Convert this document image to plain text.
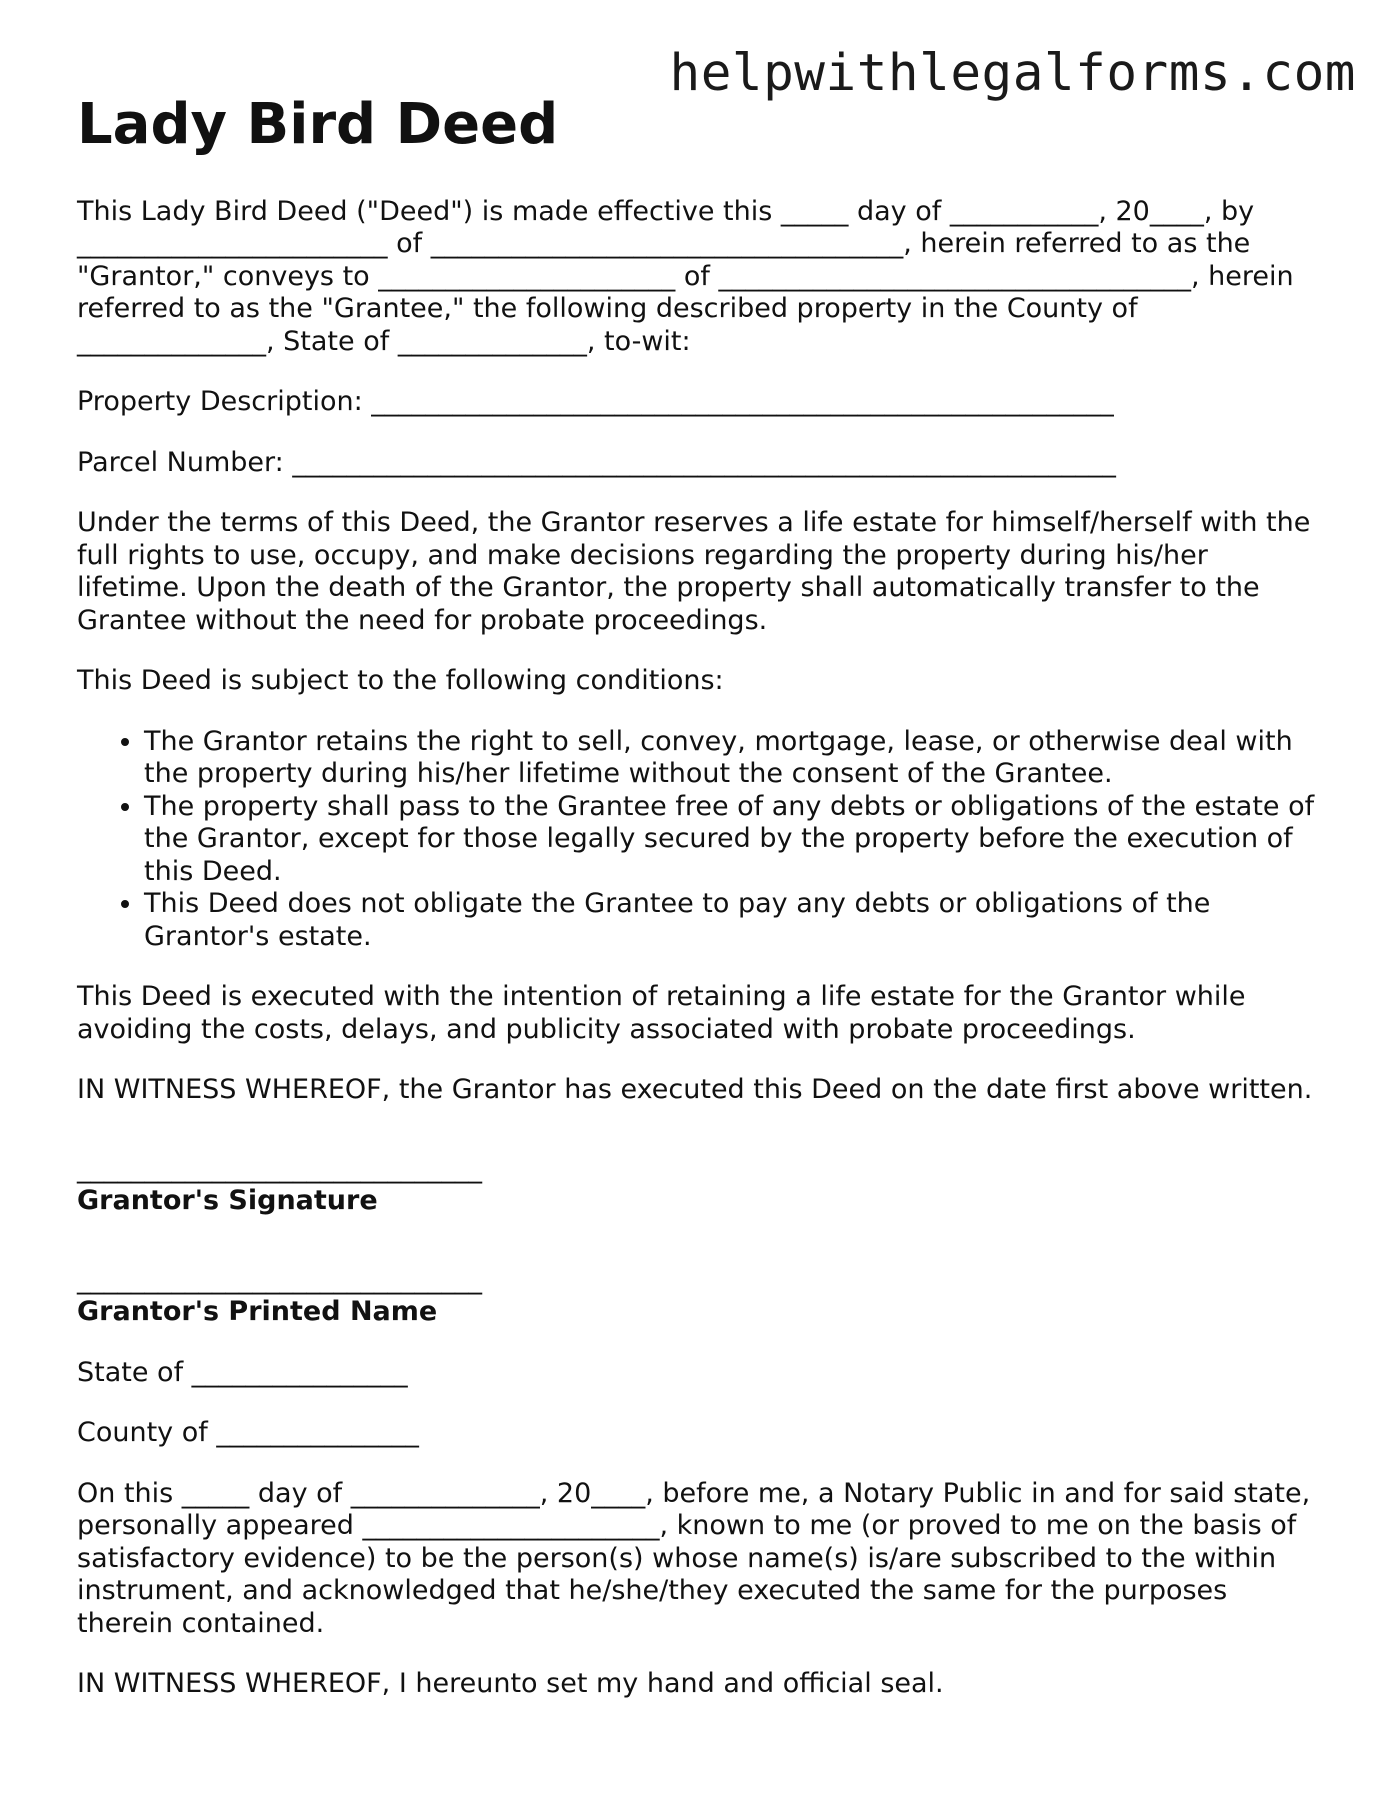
helpwithlegalforms.com
Lady Bird Deed

This Lady Bird Deed ("Deed") is made effective this _____ day of ___________, 20____, by _______________________ of ___________________________________, herein referred to as the "Grantor," conveys to ______________________ of ___________________________________, herein referred to as the "Grantee," the following described property in the County of ______________, State of ______________, to-wit:

Property Description: _______________________________________________________

Parcel Number: _____________________________________________________________

Under the terms of this Deed, the Grantor reserves a life estate for himself/herself with the full rights to use, occupy, and make decisions regarding the property during his/her lifetime. Upon the death of the Grantor, the property shall automatically transfer to the Grantee without the need for probate proceedings.

This Deed is subject to the following conditions:

• The Grantor retains the right to sell, convey, mortgage, lease, or otherwise deal with the property during his/her lifetime without the consent of the Grantee.
• The property shall pass to the Grantee free of any debts or obligations of the estate of the Grantor, except for those legally secured by the property before the execution of this Deed.
• This Deed does not obligate the Grantee to pay any debts or obligations of the Grantor's estate.

This Deed is executed with the intention of retaining a life estate for the Grantor while avoiding the costs, delays, and publicity associated with probate proceedings.

IN WITNESS WHEREOF, the Grantor has executed this Deed on the date first above written.

______________________________
Grantor's Signature
______________________________
Grantor's Printed Name

State of ________________

County of _______________

On this _____ day of ______________, 20____, before me, a Notary Public in and for said state, personally appeared ______________________, known to me (or proved to me on the basis of satisfactory evidence) to be the person(s) whose name(s) is/are subscribed to the within instrument, and acknowledged that he/she/they executed the same for the purposes therein contained.

IN WITNESS WHEREOF, I hereunto set my hand and official seal.
